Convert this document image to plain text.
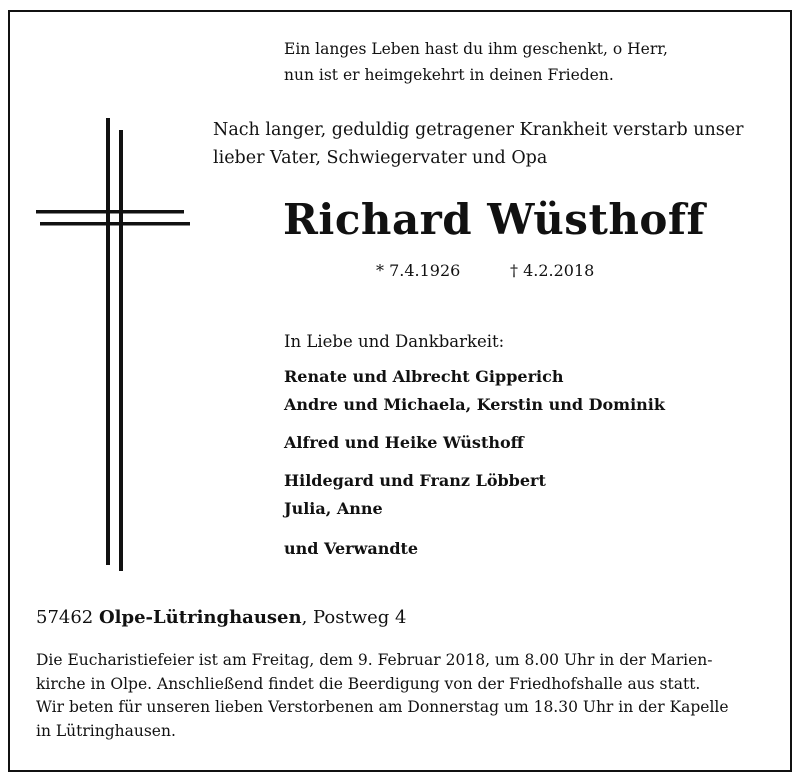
Ein langes Leben hast du ihm geschenkt, o Herr,
nun ist er heimgekehrt in deinen Frieden.
Nach langer, geduldig getragener Krankheit verstarb unser
lieber Vater, Schwiegervater und Opa
Richard Wüsthoff
* 7.4.1926	† 4.2.2018
In Liebe und Dankbarkeit:
Renate und Albrecht Gipperich
Andre und Michaela, Kerstin und Dominik
Alfred und Heike Wüsthoff
Hildegard und Franz Löbbert
Julia, Anne
und Verwandte
57462 Olpe-Lütringhausen, Postweg 4
Die Eucharistiefeier ist am Freitag, dem 9. Februar 2018, um 8.00 Uhr in der Marien-
kirche in Olpe. Anschließend findet die Beerdigung von der Friedhofshalle aus statt.
Wir beten für unseren lieben Verstorbenen am Donnerstag um 18.30 Uhr in der Kapelle
in Lütringhausen.
